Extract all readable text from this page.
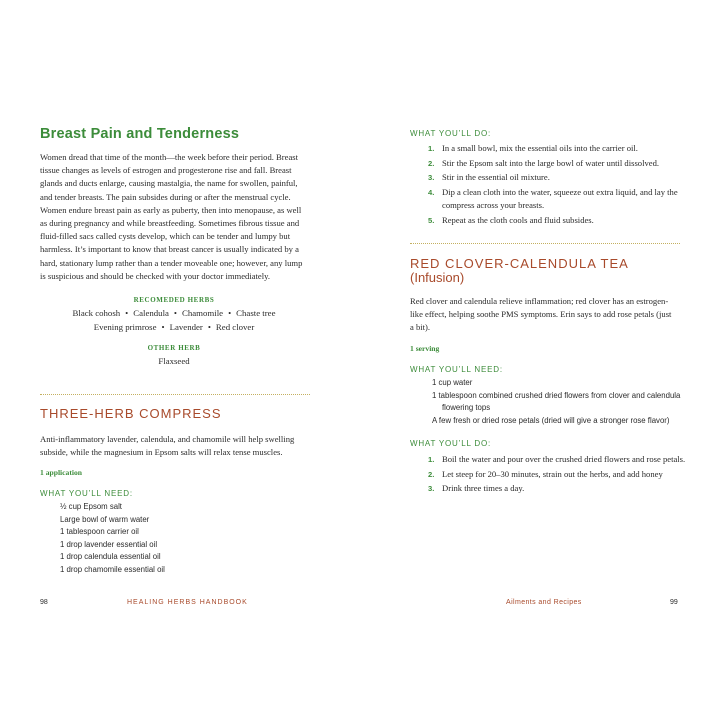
Breast Pain and Tenderness
Women dread that time of the month—the week before their period. Breast tissue changes as levels of estrogen and progesterone rise and fall. Breast glands and ducts enlarge, causing mastalgia, the name for swollen, painful, and tender breasts. The pain subsides during or after the menstrual cycle. Women endure breast pain as early as puberty, then into menopause, as well as during pregnancy and while breastfeeding. Sometimes fibrous tissue and fluid-filled sacs called cysts develop, which can be tender and lumpy but harmless. It’s important to know that breast cancer is usually indicated by a hard, stationary lump rather than a tender moveable one; however, any lump is suspicious and should be checked with your doctor immediately.
RECOMEDED HERBS
Black cohosh • Calendula • Chamomile • Chaste tree
Evening primrose • Lavender • Red clover
OTHER HERB
Flaxseed
THREE-HERB COMPRESS
Anti-inflammatory lavender, calendula, and chamomile will help swelling subside, while the magnesium in Epsom salts will relax tense muscles.
1 application
WHAT YOU’LL NEED:
½ cup Epsom salt
Large bowl of warm water
1 tablespoon carrier oil
1 drop lavender essential oil
1 drop calendula essential oil
1 drop chamomile essential oil
98	HEALING HERBS HANDBOOK
WHAT YOU’LL DO:
1. In a small bowl, mix the essential oils into the carrier oil.
2. Stir the Epsom salt into the large bowl of water until dissolved.
3. Stir in the essential oil mixture.
4. Dip a clean cloth into the water, squeeze out extra liquid, and lay the compress across your breasts.
5. Repeat as the cloth cools and fluid subsides.
RED CLOVER-CALENDULA TEA
(Infusion)
Red clover and calendula relieve inflammation; red clover has an estrogen-like effect, helping soothe PMS symptoms. Erin says to add rose petals (just a bit).
1 serving
WHAT YOU’LL NEED:
1 cup water
1 tablespoon combined crushed dried flowers from clover and calendula flowering tops
A few fresh or dried rose petals (dried will give a stronger rose flavor)
WHAT YOU’LL DO:
1. Boil the water and pour over the crushed dried flowers and rose petals.
2. Let steep for 20–30 minutes, strain out the herbs, and add honey
3. Drink three times a day.
Ailments and Recipes	99
